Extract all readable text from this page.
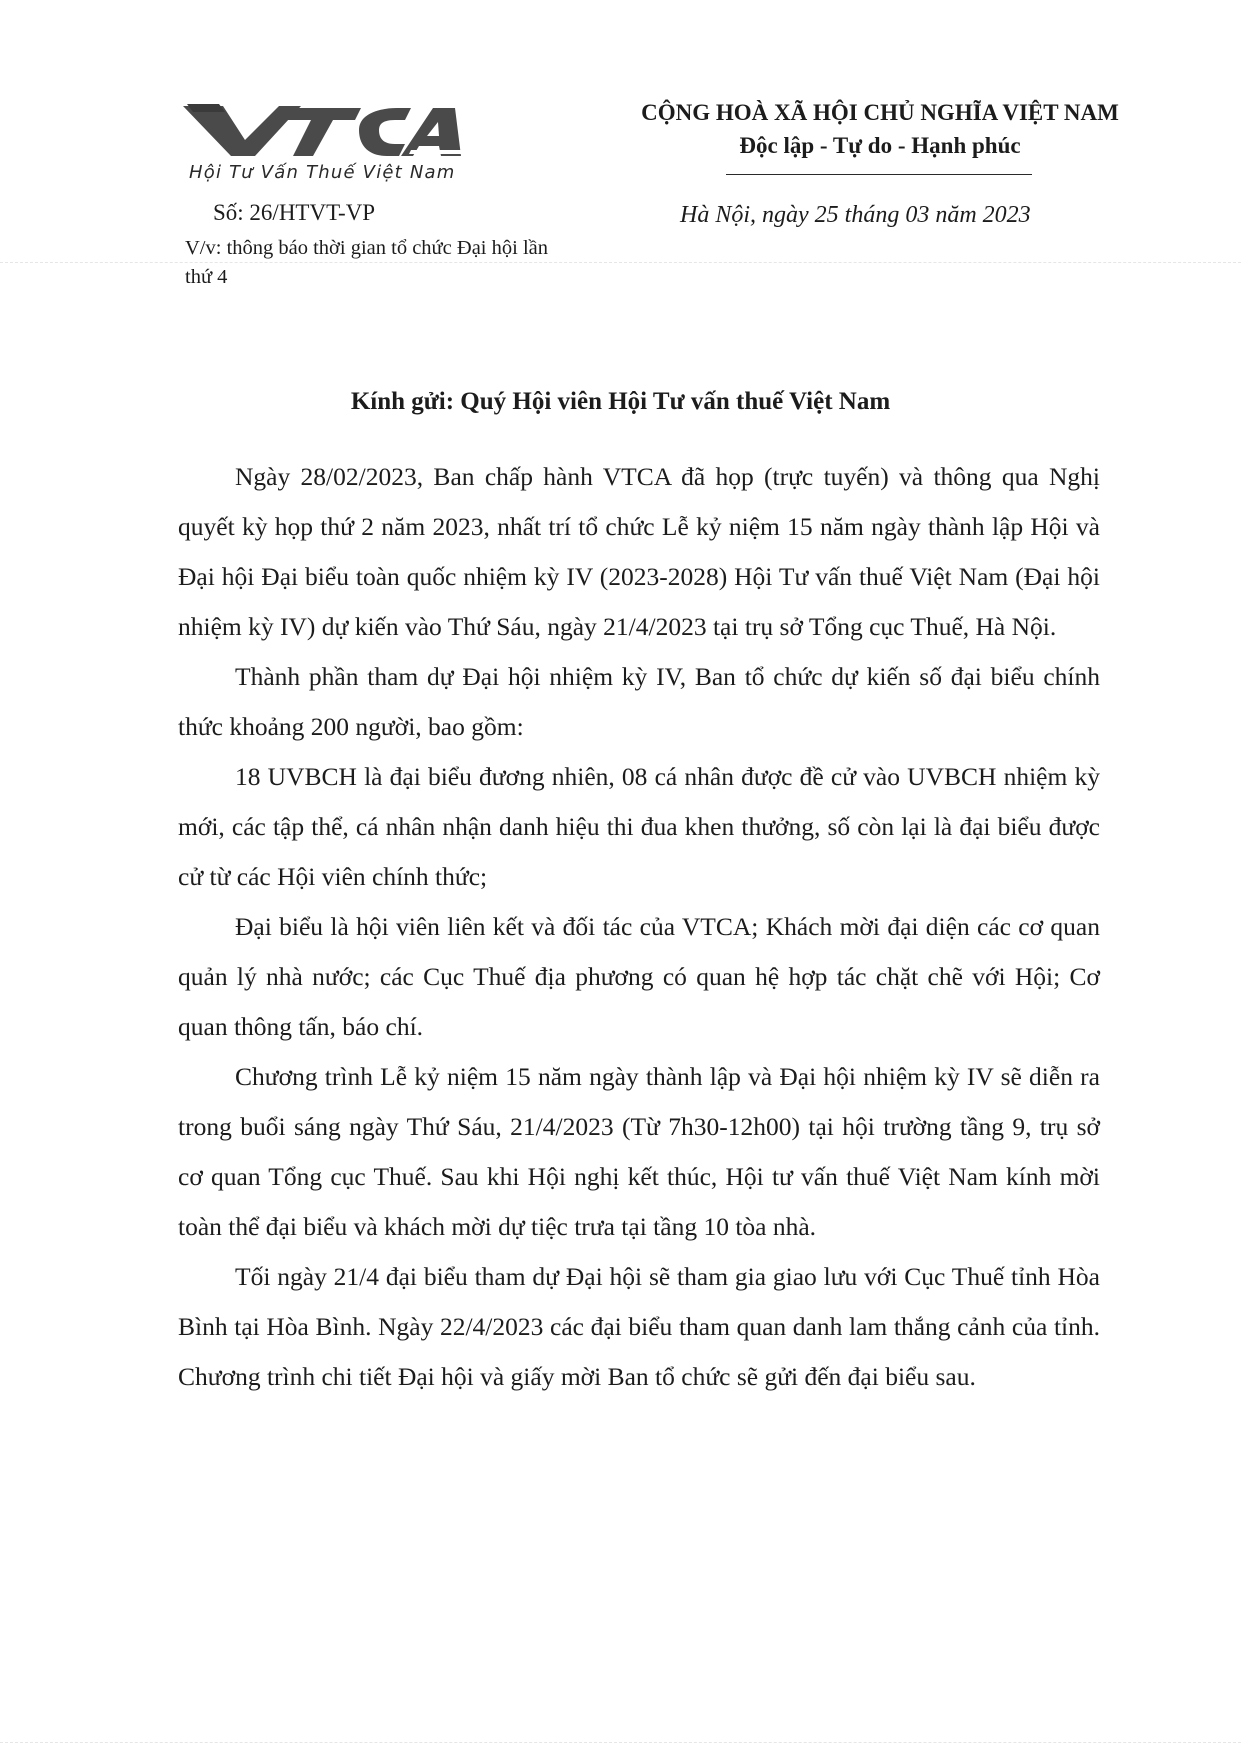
Hội Tư Vấn Thuế Việt Nam
Số: 26/HTVT-VP
V/v: thông báo thời gian tổ chức Đại hội lần thứ 4
CỘNG HOÀ XÃ HỘI CHỦ NGHĨA VIỆT NAM
Độc lập - Tự do - Hạnh phúc
Hà Nội, ngày 25 tháng 03 năm 2023
Kính gửi: Quý Hội viên Hội Tư vấn thuế Việt Nam

Ngày 28/02/2023, Ban chấp hành VTCA đã họp (trực tuyến) và thông qua Nghị quyết kỳ họp thứ 2 năm 2023, nhất trí tổ chức Lễ kỷ niệm 15 năm ngày thành lập Hội và Đại hội Đại biểu toàn quốc nhiệm kỳ IV (2023-2028) Hội Tư vấn thuế Việt Nam (Đại hội nhiệm kỳ IV) dự kiến vào Thứ Sáu, ngày 21/4/2023 tại trụ sở Tổng cục Thuế, Hà Nội.

Thành phần tham dự Đại hội nhiệm kỳ IV, Ban tổ chức dự kiến số đại biểu chính thức khoảng 200 người, bao gồm:

18 UVBCH là đại biểu đương nhiên, 08 cá nhân được đề cử vào UVBCH nhiệm kỳ mới, các tập thể, cá nhân nhận danh hiệu thi đua khen thưởng, số còn lại là đại biểu được cử từ các Hội viên chính thức;

Đại biểu là hội viên liên kết và đối tác của VTCA; Khách mời đại diện các cơ quan quản lý nhà nước; các Cục Thuế địa phương có quan hệ hợp tác chặt chẽ với Hội; Cơ quan thông tấn, báo chí.

Chương trình Lễ kỷ niệm 15 năm ngày thành lập và Đại hội nhiệm kỳ IV sẽ diễn ra trong buổi sáng ngày Thứ Sáu, 21/4/2023 (Từ 7h30-12h00) tại hội trường tầng 9, trụ sở cơ quan Tổng cục Thuế. Sau khi Hội nghị kết thúc, Hội tư vấn thuế Việt Nam kính mời toàn thể đại biểu và khách mời dự tiệc trưa tại tầng 10 tòa nhà.

Tối ngày 21/4 đại biểu tham dự Đại hội sẽ tham gia giao lưu với Cục Thuế tỉnh Hòa Bình tại Hòa Bình. Ngày 22/4/2023 các đại biểu tham quan danh lam thắng cảnh của tỉnh. Chương trình chi tiết Đại hội và giấy mời Ban tổ chức sẽ gửi đến đại biểu sau.
